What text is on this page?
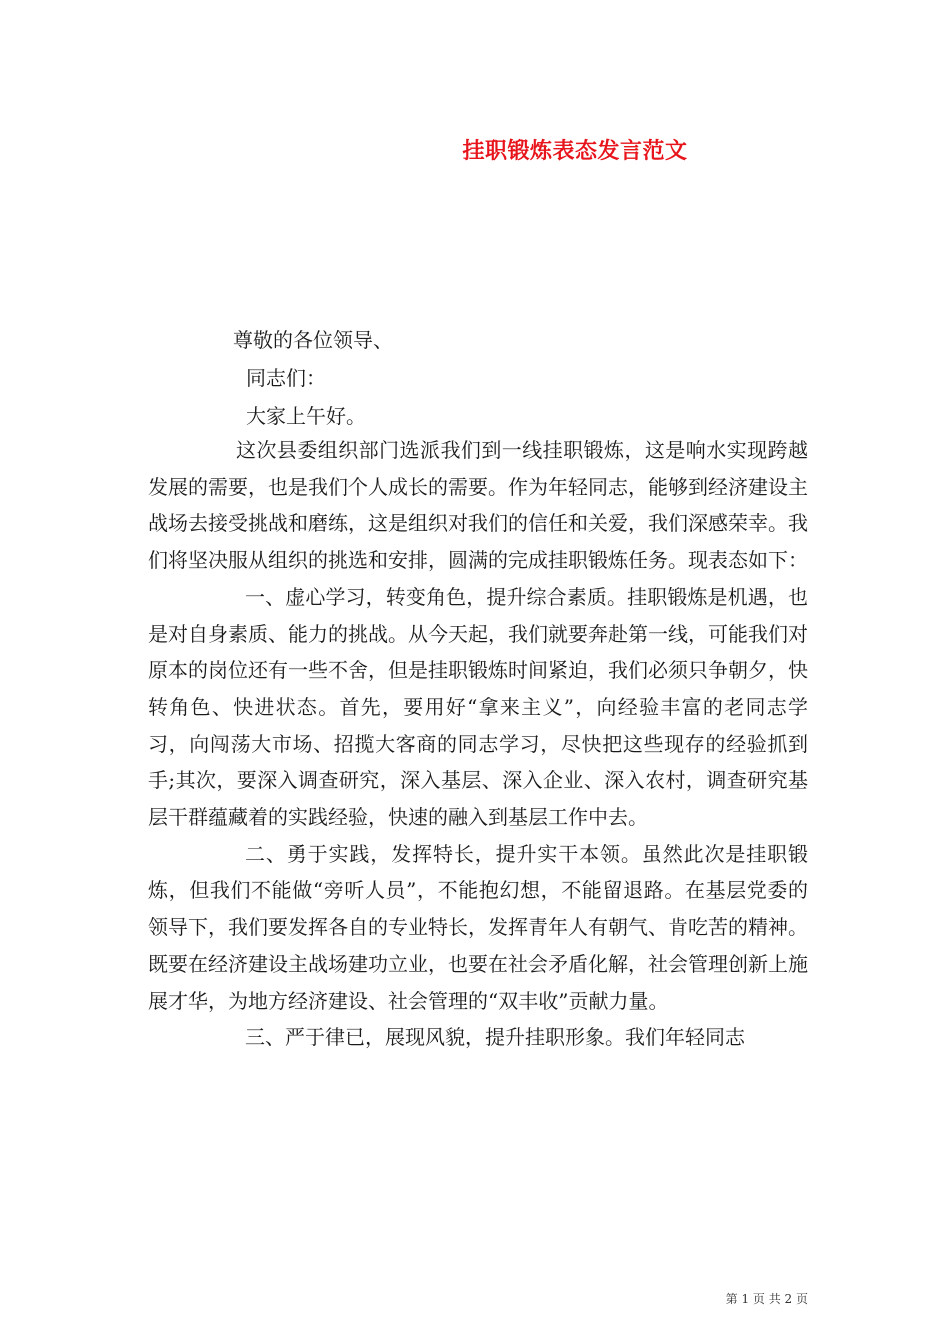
挂职锻炼表态发言范文
尊敬的各位领导、
同志们：
大家上午好。

这次县委组织部门选派我们到一线挂职锻炼，这是响水实现跨越发展的需要，也是我们个人成长的需要。作为年轻同志，能够到经济建设主战场去接受挑战和磨练，这是组织对我们的信任和关爱，我们深感荣幸。我们将坚决服从组织的挑选和安排，圆满的完成挂职锻炼任务。现表态如下：

一、虚心学习，转变角色，提升综合素质。挂职锻炼是机遇，也是对自身素质、能力的挑战。从今天起，我们就要奔赴第一线，可能我们对原本的岗位还有一些不舍，但是挂职锻炼时间紧迫，我们必须只争朝夕，快转角色、快进状态。首先，要用好“拿来主义”，向经验丰富的老同志学习，向闯荡大市场、招揽大客商的同志学习，尽快把这些现存的经验抓到手;其次，要深入调查研究，深入基层、深入企业、深入农村，调查研究基层干群蕴藏着的实践经验，快速的融入到基层工作中去。

二、勇于实践，发挥特长，提升实干本领。虽然此次是挂职锻炼，但我们不能做“旁听人员”，不能抱幻想，不能留退路。在基层党委的领导下，我们要发挥各自的专业特长，发挥青年人有朝气、肯吃苦的精神。既要在经济建设主战场建功立业，也要在社会矛盾化解，社会管理创新上施展才华，为地方经济建设、社会管理的“双丰收”贡献力量。

三、严于律已，展现风貌，提升挂职形象。我们年轻同志

第 1 页 共 2 页
